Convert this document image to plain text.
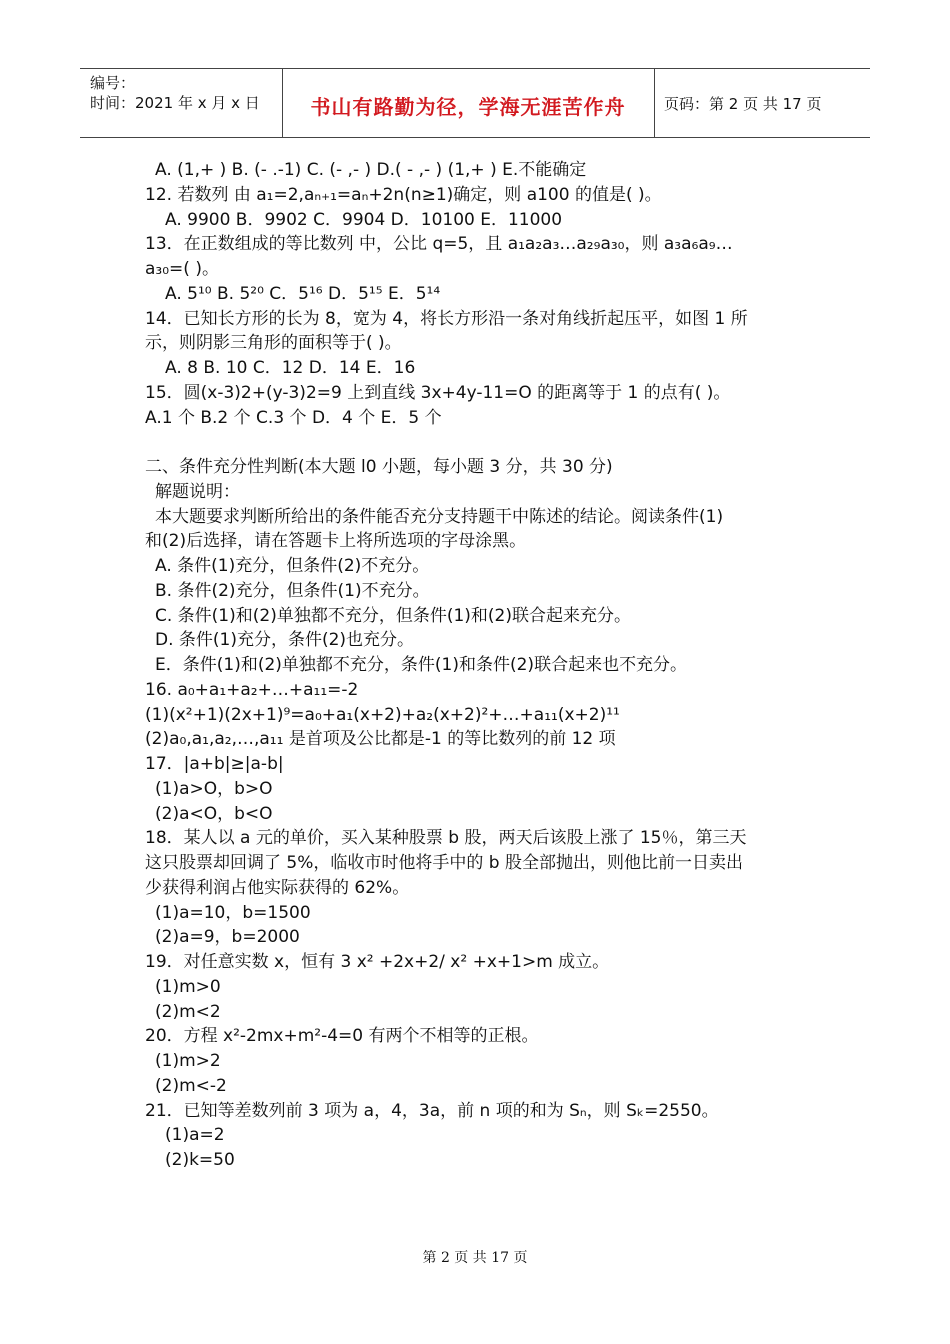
编号：
时间：2021 年 x 月 x 日	书山有路勤为径，学海无涯苦作舟	页码：第 2 页 共 17 页
A. (1,+ ) B. (- .-1) C. (- ,- ) D.( - ,- ) (1,+ ) E.不能确定
12. 若数列 由 a₁=2,aₙ₊₁=aₙ+2n(n≥1)确定，则 a100 的值是( )。
A. 9900 B．9902 C．9904 D．10100 E．11000
13．在正数组成的等比数列 中，公比 q=5，且 a₁a₂a₃…a₂₉a₃₀，则 a₃a₆a₉…
a₃₀=( )。
A. 5¹⁰ B. 5²⁰ C．5¹⁶ D．5¹⁵ E．5¹⁴
14．已知长方形的长为 8，宽为 4，将长方形沿一条对角线折起压平，如图 1 所
示，则阴影三角形的面积等于( )。
A. 8 B. 10 C．12 D．14 E．16
15．圆(x-3)2+(y-3)2=9 上到直线 3x+4y-11=O 的距离等于 1 的点有( )。
A.1 个 B.2 个 C.3 个 D．4 个 E．5 个
二、条件充分性判断(本大题 l0 小题，每小题 3 分，共 30 分)
解题说明：
本大题要求判断所给出的条件能否充分支持题干中陈述的结论。阅读条件(1)
和(2)后选择，请在答题卡上将所选项的字母涂黑。
A. 条件(1)充分，但条件(2)不充分。
B. 条件(2)充分，但条件(1)不充分。
C. 条件(1)和(2)单独都不充分，但条件(1)和(2)联合起来充分。
D. 条件(1)充分，条件(2)也充分。
E．条件(1)和(2)单独都不充分，条件(1)和条件(2)联合起来也不充分。
16. a₀+a₁+a₂+…+a₁₁=-2
(1)(x²+1)(2x+1)⁹=a₀+a₁(x+2)+a₂(x+2)²+…+a₁₁(x+2)¹¹
(2)a₀,a₁,a₂,…,a₁₁ 是首项及公比都是-1 的等比数列的前 12 项
17．|a+b|≥|a-b|
(1)a>O，b>O
(2)a<O，b<O
18．某人以 a 元的单价，买入某种股票 b 股，两天后该股上涨了 15％，第三天
这只股票却回调了 5%，临收市时他将手中的 b 股全部抛出，则他比前一日卖出
少获得利润占他实际获得的 62%。
(1)a=10，b=1500
(2)a=9，b=2000
19．对任意实数 x，恒有 3 x² +2x+2/ x² +x+1>m 成立。
(1)m>0
(2)m<2
20．方程 x²-2mx+m²-4=0 有两个不相等的正根。
(1)m>2
(2)m<-2
21．已知等差数列前 3 项为 a，4，3a，前 n 项的和为 Sₙ，则 Sₖ=2550。
(1)a=2
(2)k=50
第 2 页 共 17 页
